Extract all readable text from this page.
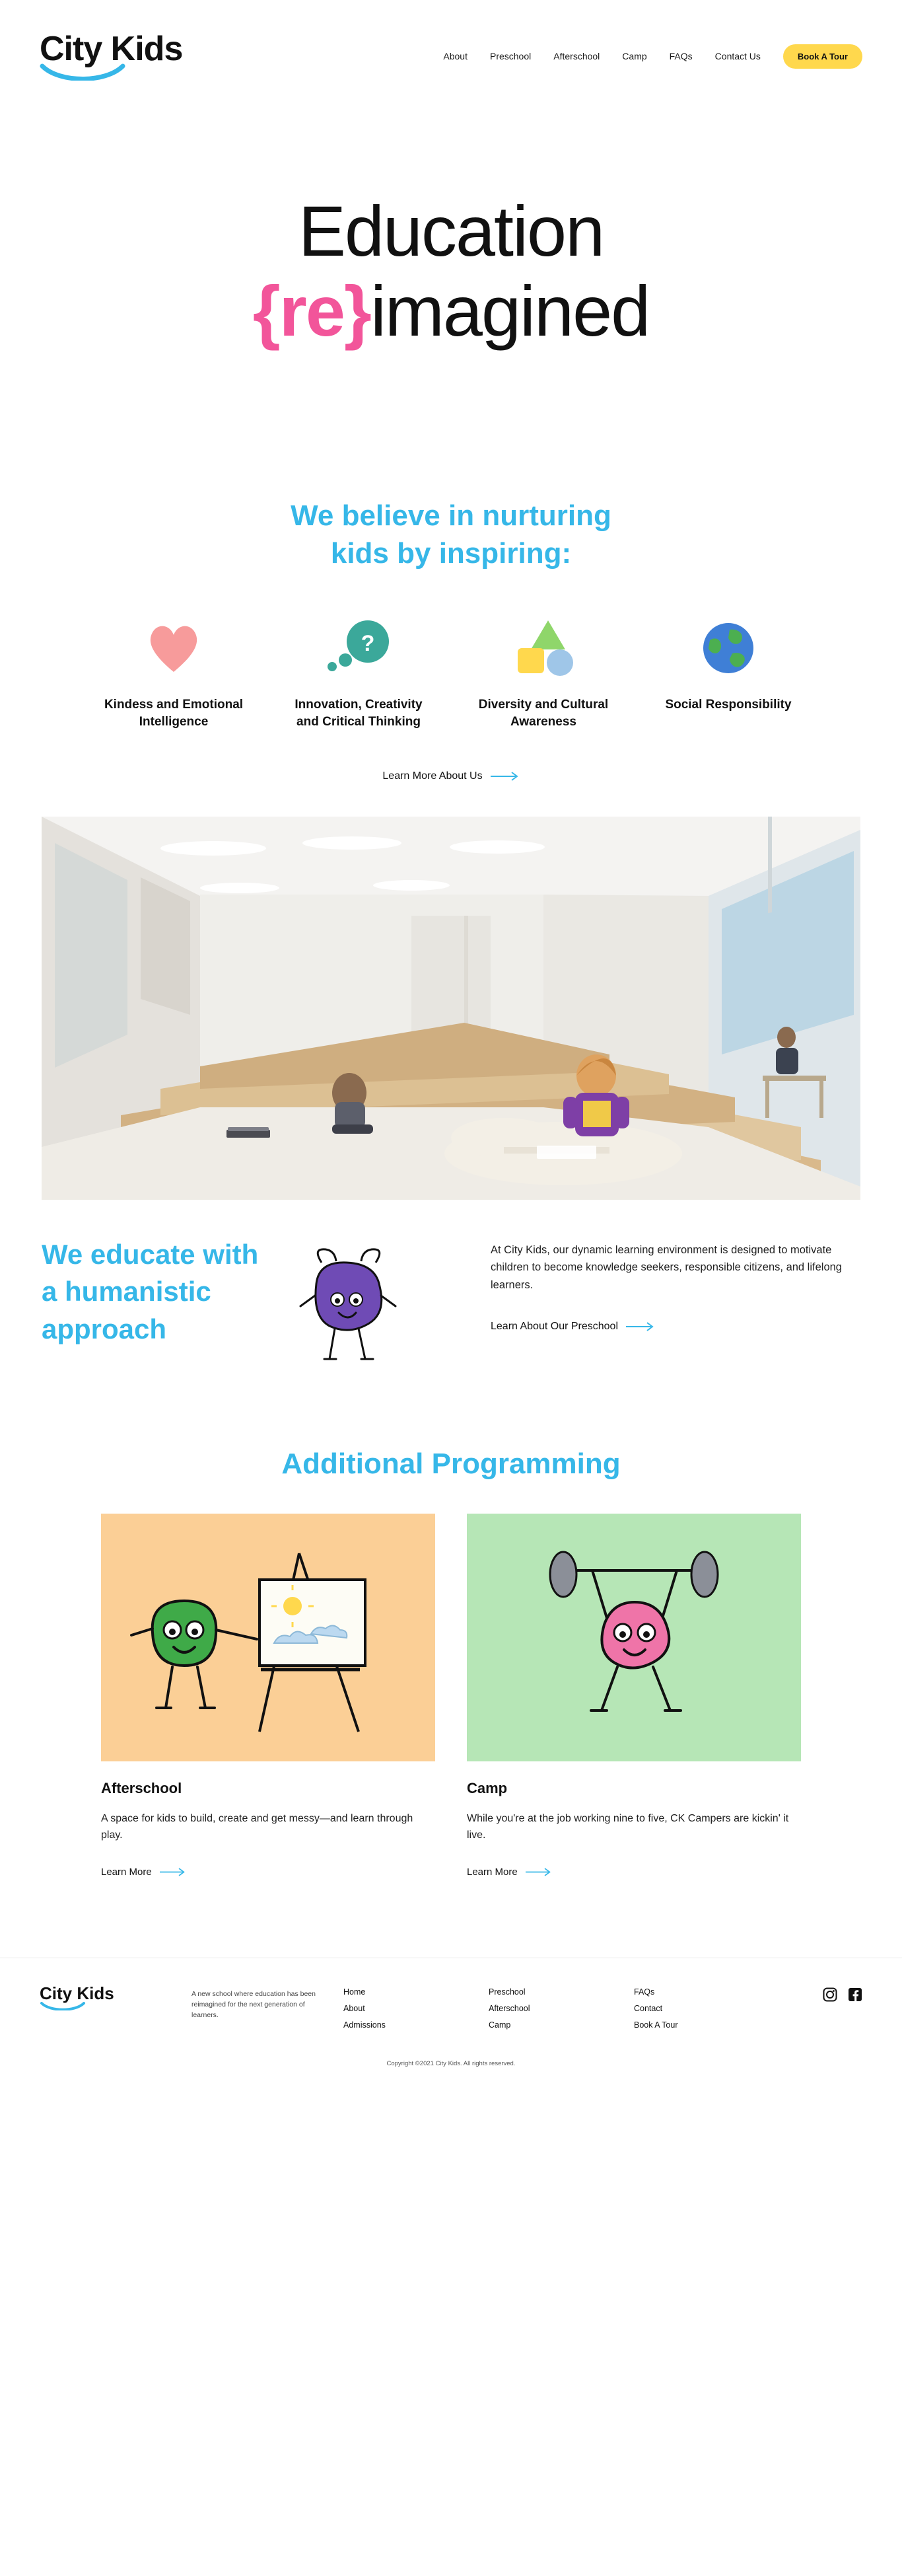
City Kids	About Preschool Afterschool Camp FAQs Contact Us	Book A Tour
Education
{re}imagined
We believe in nurturing
kids by inspiring:
Kindess and Emotional Intelligence
?
Innovation, Creativity and Critical Thinking
Diversity and Cultural Awareness
Social Responsibility
Learn More About Us
We educate with a humanistic approach

At City Kids, our dynamic learning environment is designed to motivate children to become knowledge seekers, responsible citizens, and lifelong learners.

Learn About Our Preschool
Additional Programming
Afterschool

A space for kids to build, create and get messy—and learn through play.

Learn More
Camp

While you're at the job working nine to five, CK Campers are kickin' it live.

Learn More
City Kids	A new school where education has been reimagined for the next generation of learners.
Home
About
Admissions
Preschool
Afterschool
Camp
FAQs
Contact
Book A Tour
Copyright ©2021 City Kids. All rights reserved.
